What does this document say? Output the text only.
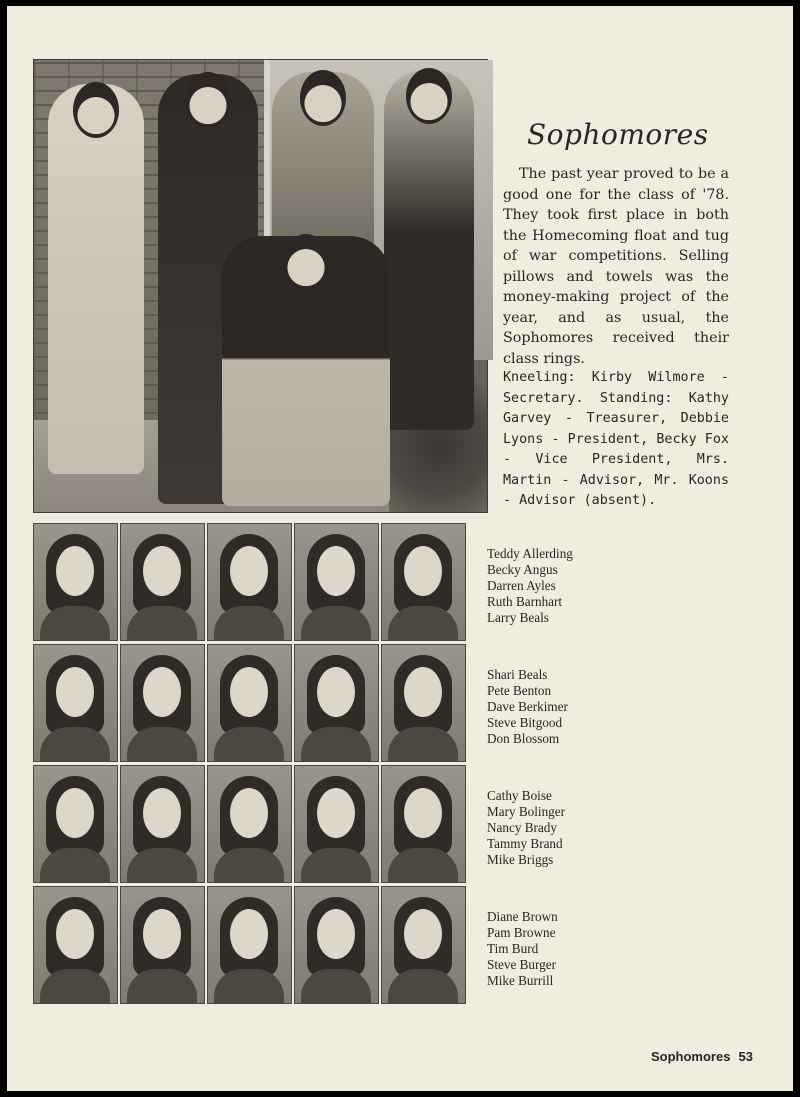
Sophomores

The past year proved to be a good one for the class of '78. They took first place in both the Homecoming float and tug of war competitions. Selling pillows and towels was the money-making project of the year, and as usual, the Sophomores received their class rings.

Kneeling: Kirby Wilmore - Secretary. Standing: Kathy Garvey - Treasurer, Debbie Lyons - President, Becky Fox - Vice President, Mrs. Martin - Advisor, Mr. Koons - Advisor (absent).

Teddy Allerding
Becky Angus
Darren Ayles
Ruth Barnhart
Larry Beals
Shari Beals
Pete Benton
Dave Berkimer
Steve Bitgood
Don Blossom
Cathy Boise
Mary Bolinger
Nancy Brady
Tammy Brand
Mike Briggs
Diane Brown
Pam Browne
Tim Burd
Steve Burger
Mike Burrill
Sophomores 53
